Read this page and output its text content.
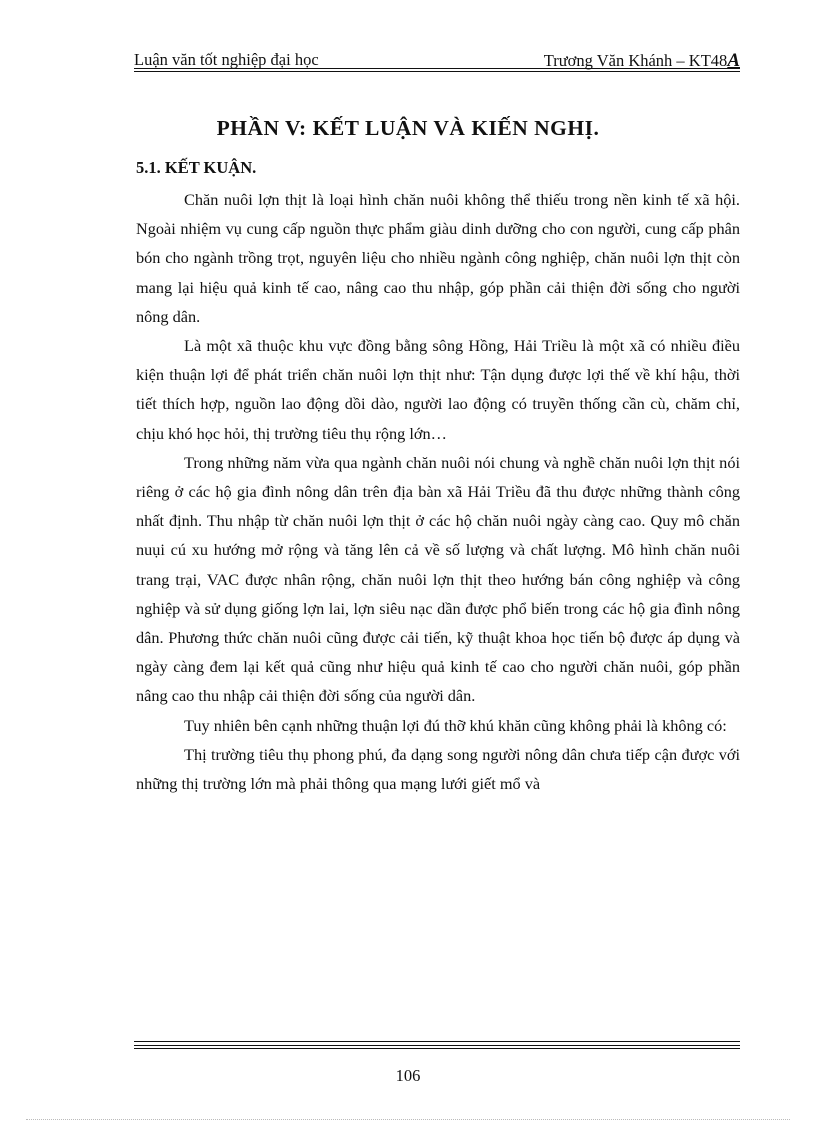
Luận văn tốt nghiệp đại học	Trương Văn Khánh – KT48A
PHẦN V: KẾT LUẬN VÀ KIẾN NGHỊ.
5.1. KẾT KUẬN.

Chăn nuôi lợn thịt là loại hình chăn nuôi không thể thiếu trong nền kinh tế xã hội. Ngoài nhiệm vụ cung cấp nguồn thực phẩm giàu dinh dưỡng cho con người, cung cấp phân bón cho ngành trồng trọt, nguyên liệu cho nhiều ngành công nghiệp, chăn nuôi lợn thịt còn mang lại hiệu quả kinh tế cao, nâng cao thu nhập, góp phần cải thiện đời sống cho người nông dân.

Là một xã thuộc khu vực đồng bằng sông Hồng, Hải Triều là một xã có nhiều điều kiện thuận lợi để phát triển chăn nuôi lợn thịt như: Tận dụng được lợi thế về khí hậu, thời tiết thích hợp, nguồn lao động dồi dào, người lao động có truyền thống cần cù, chăm chỉ, chịu khó học hỏi, thị trường tiêu thụ rộng lớn…

Trong những năm vừa qua ngành chăn nuôi nói chung và nghề chăn nuôi lợn thịt nói riêng ở các hộ gia đình nông dân trên địa bàn xã Hải Triều đã thu được những thành công nhất định. Thu nhập từ chăn nuôi lợn thịt ở các hộ chăn nuôi ngày càng cao. Quy mô chăn nuụi cú xu hướng mở rộng và tăng lên cả về số lượng và chất lượng. Mô hình chăn nuôi trang trại, VAC được nhân rộng, chăn nuôi lợn thịt theo hướng bán công nghiệp và công nghiệp và sử dụng giống lợn lai, lợn siêu nạc dần được phổ biến trong các hộ gia đình nông dân. Phương thức chăn nuôi cũng được cải tiến, kỹ thuật khoa học tiến bộ được áp dụng và ngày càng đem lại kết quả cũng như hiệu quả kinh tế cao cho người chăn nuôi, góp phần nâng cao thu nhập cải thiện đời sống của người dân.

Tuy nhiên bên cạnh những thuận lợi đú thỡ khú khăn cũng không phải là không có:

Thị trường tiêu thụ phong phú, đa dạng song người nông dân chưa tiếp cận được với những thị trường lớn mà phải thông qua mạng lưới giết mổ và

106
